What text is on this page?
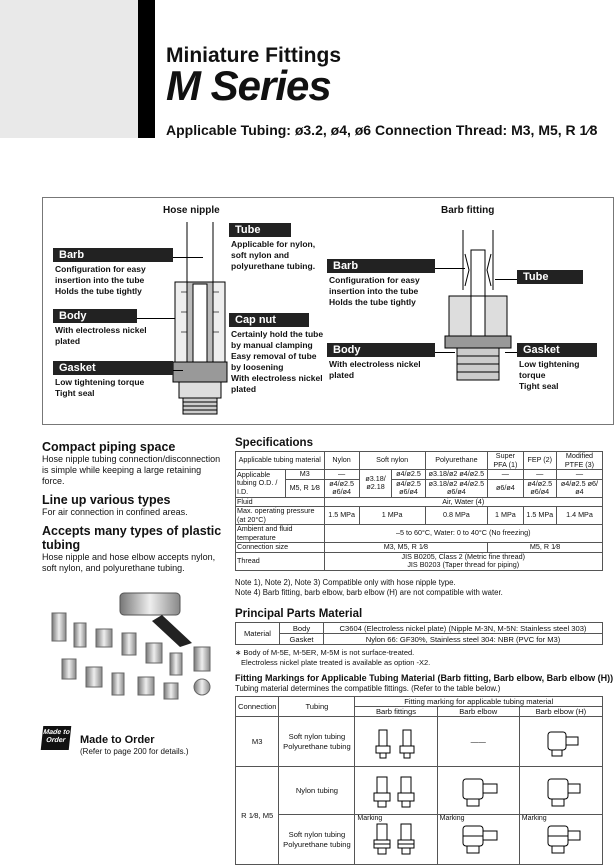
Miniature Fittings
M Series
Applicable Tubing: ø3.2, ø4, ø6 Connection Thread: M3, M5, R 1⁄8
Hose nipple	Barb fitting
Barb
Configuration for easy
insertion into the tube
Holds the tube tightly
Body
With electroless nickel
plated
Gasket
Low tightening torque
Tight seal
Tube
Applicable for nylon,
soft nylon and
polyurethane tubing.
Cap nut
Certainly hold the tube
by manual clamping
Easy removal of tube
by loosening
With electroless nickel
plated
Barb
Configuration for easy
insertion into the tube
Holds the tube tightly
Body
With electroless nickel
plated
Tube
Gasket
Low tightening
torque
Tight seal
Compact piping space
Hose nipple tubing connection/disconnection is simple while keeping a large retaining force.
Line up various types
For air connection in confined areas.
Accepts many types of plastic tubing
Hose nipple and hose elbow accepts nylon, soft nylon, and polyurethane tubing.
Made to
Order	Made to Order
(Refer to page 200 for details.)
Specifications
Applicable tubing material		Nylon	Soft nylon		Polyurethane	Super PFA (1)	FEP (2)	Modified PTFE (3)
Applicable tubing O.D. / I.D.	M3	—	ø3.18/ø2.18	ø4/ø2.5	ø3.18/ø2 ø4/ø2.5	—	—	—
	M5, R 1⁄8	ø4/ø2.5 ø6/ø4		ø4/ø2.5 ø6/ø4	ø3.18/ø2 ø4/ø2.5 ø6/ø4	ø6/ø4	ø4/ø2.5 ø6/ø4	ø4/ø2.5 ø6/ø4
Fluid		Air, Water (4)						
Max. operating pressure (at 20°C)		1.5 MPa	1 MPa		0.8 MPa	1 MPa	1.5 MPa	1.4 MPa
Ambient and fluid temperature		–5 to 60°C, Water: 0 to 40°C (No freezing)						
Connection size		M3, M5, R 1⁄8				M5, R 1⁄8		
Thread		JIS B0205, Class 2 (Metric fine thread)
JIS B0203 (Taper thread for piping)						
Note 1), Note 2), Note 3) Compatible only with hose nipple type.
Note 4) Barb fitting, barb elbow, barb elbow (H) are not compatible with water.
Principal Parts Material
Material	Body	C3604 (Electroless nickel plate) (Nipple M-3N, M-5N: Stainless steel 303)
	Gasket	Nylon 66: GF30%, Stainless steel 304: NBR (PVC for M3)
∗ Body of M-5E, M-5ER, M-5M is not surface-treated.
Electroless nickel plate treated is available as option -X2.
Fitting Markings for Applicable Tubing Material (Barb fitting, Barb elbow, Barb elbow (H))
Tubing material determines the compatible fittings. (Refer to the table below.)
Connection	Tubing	Fitting marking for applicable tubing material		
		Barb fittings	Barb elbow	Barb elbow (H)
M3	Soft nylon tubing Polyurethane tubing		——	

R 1⁄8, M5	Nylon tubing	

	Soft nylon tubing Polyurethane tubing	Marking	Marking	Marking
